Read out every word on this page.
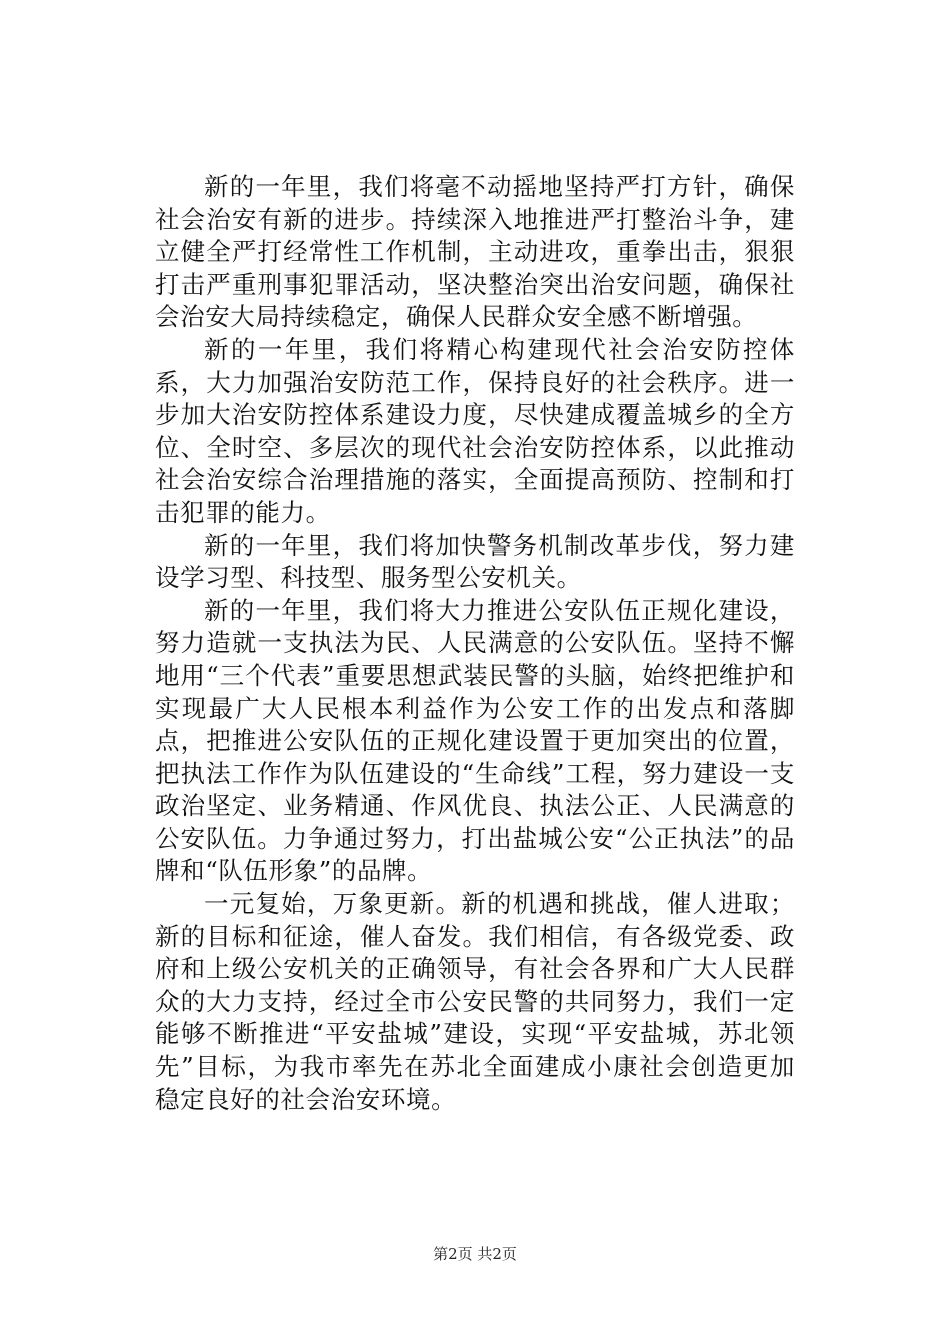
新的一年里，我们将毫不动摇地坚持严打方针，确保社会治安有新的进步。持续深入地推进严打整治斗争，建立健全严打经常性工作机制，主动进攻，重拳出击，狠狠打击严重刑事犯罪活动，坚决整治突出治安问题，确保社会治安大局持续稳定，确保人民群众安全感不断增强。

新的一年里，我们将精心构建现代社会治安防控体系，大力加强治安防范工作，保持良好的社会秩序。进一步加大治安防控体系建设力度，尽快建成覆盖城乡的全方位、全时空、多层次的现代社会治安防控体系，以此推动社会治安综合治理措施的落实，全面提高预防、控制和打击犯罪的能力。

新的一年里，我们将加快警务机制改革步伐，努力建设学习型、科技型、服务型公安机关。

新的一年里，我们将大力推进公安队伍正规化建设，努力造就一支执法为民、人民满意的公安队伍。坚持不懈地用“三个代表”重要思想武装民警的头脑，始终把维护和实现最广大人民根本利益作为公安工作的出发点和落脚点，把推进公安队伍的正规化建设置于更加突出的位置，把执法工作作为队伍建设的“生命线”工程，努力建设一支政治坚定、业务精通、作风优良、执法公正、人民满意的公安队伍。力争通过努力，打出盐城公安“公正执法”的品牌和“队伍形象”的品牌。

一元复始，万象更新。新的机遇和挑战，催人进取；新的目标和征途，催人奋发。我们相信，有各级党委、政府和上级公安机关的正确领导，有社会各界和广大人民群众的大力支持，经过全市公安民警的共同努力，我们一定能够不断推进“平安盐城”建设，实现“平安盐城，苏北领先”目标，为我市率先在苏北全面建成小康社会创造更加稳定良好的社会治安环境。

第2页 共2页
